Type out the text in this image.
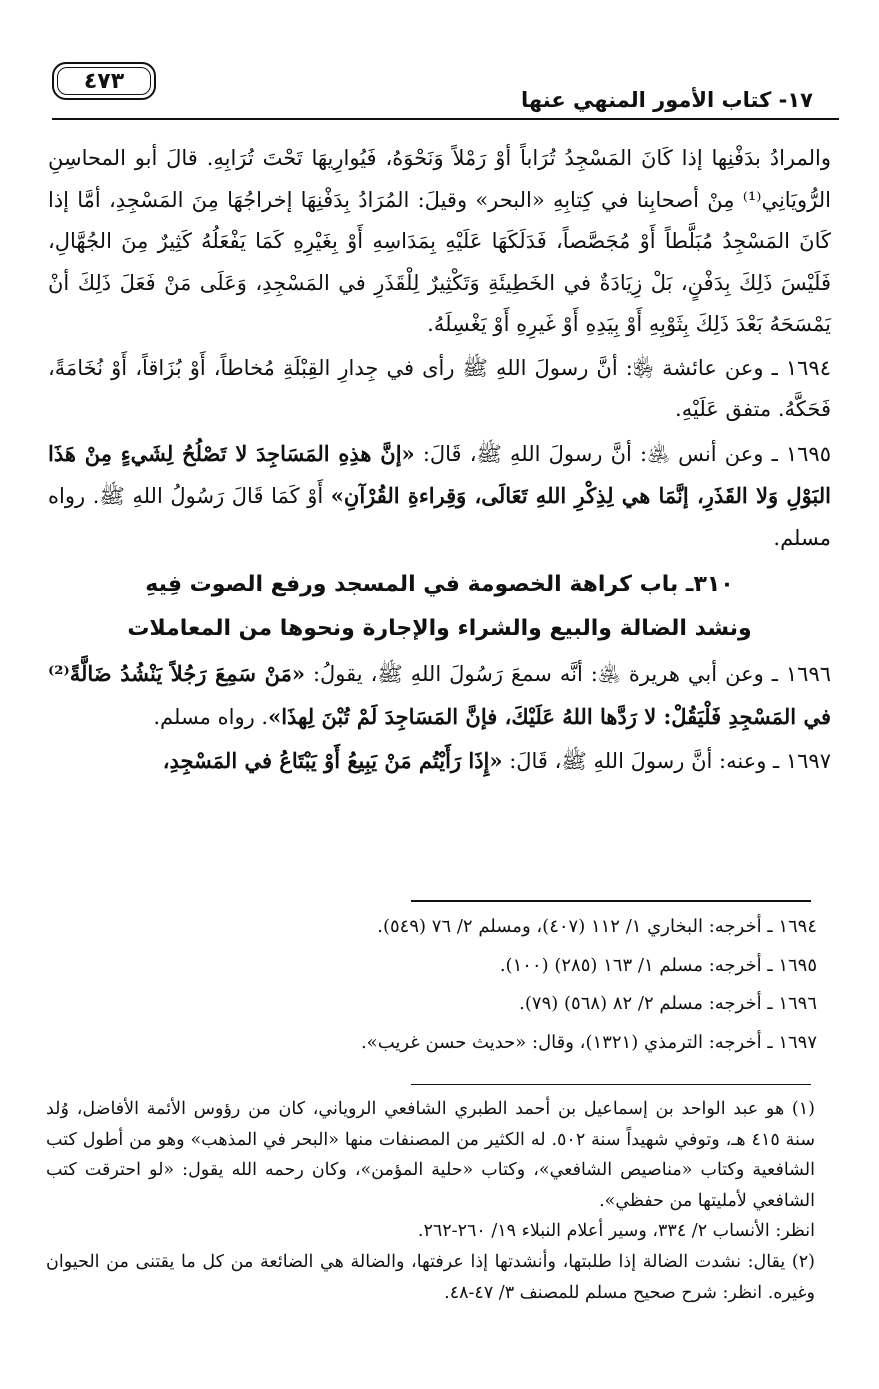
١٧- كتاب الأمور المنهي عنها
٤٧٣

والمرادُ بدَفْنِها إذا كَانَ المَسْجِدُ تُرَاباً أوْ رَمْلاً وَنَحْوَهُ، فَيُوارِيهَا تَحْتَ تُرَابِهِ. قالَ أبو المحاسِنِ الرُّويَانِي⁽¹⁾ مِنْ أصحابِنا في كِتابِهِ «البحر» وقيلَ: المُرَادُ بِدَفْنِهَا إخراجُهَا مِنَ المَسْجِدِ، أمَّا إذا كَانَ المَسْجِدُ مُبَلَّطاً أَوْ مُجَصَّصاً، فَدَلَكَهَا عَلَيْهِ بِمَدَاسِهِ أَوْ بِغَيْرِهِ كَمَا يَفْعَلُهُ كَثِيرٌ مِنَ الجُهَّالِ، فَلَيْسَ ذَلِكَ بِدَفْنٍ، بَلْ زِيَادَةٌ في الخَطِيئَةِ وَتَكْثِيرٌ لِلْقَذَرِ في المَسْجِدِ، وَعَلَى مَنْ فَعَلَ ذَلِكَ أنْ يَمْسَحَهُ بَعْدَ ذَلِكَ بِثَوْبِهِ أَوْ بِيَدِهِ أَوْ غَيرِهِ أَوْ يَغْسِلَهُ.

١٦٩٤ ـ وعن عائشة ﵂: أنَّ رسولَ اللهِ ﷺ رأى في جِدارِ القِبْلَةِ مُخاطاً، أَوْ بُزَاقاً، أَوْ نُخَامَةً، فَحَكَّهُ. متفق عَلَيْهِ.

١٦٩٥ ـ وعن أنس ﵁: أنَّ رسولَ اللهِ ﷺ، قَالَ: «إنَّ هذِهِ المَسَاجِدَ لا تَصْلُحُ لِشَيءٍ مِنْ هَذَا البَوْلِ وَلا القَذَرِ، إنَّمَا هي لِذِكْرِ اللهِ تَعَالَى، وَقِراءةِ القُرْآنِ» أَوْ كَمَا قَالَ رَسُولُ اللهِ ﷺ. رواه مسلم.

٣١٠ـ باب كراهة الخصومة في المسجد ورفع الصوت فِيهِ
ونشد الضالة والبيع والشراء والإجارة ونحوها من المعاملات

١٦٩٦ ـ وعن أبي هريرة ﵁: أنَّه سمعَ رَسُولَ اللهِ ﷺ، يقولُ: «مَنْ سَمِعَ رَجُلاً يَنْشُدُ ضَالَّةً⁽²⁾ في المَسْجِدِ فَلْيَقُلْ: لا رَدَّها اللهُ عَلَيْكَ، فإنَّ المَسَاجِدَ لَمْ تُبْنَ لِهذَا». رواه مسلم.

١٦٩٧ ـ وعنه: أنَّ رسولَ اللهِ ﷺ، قَالَ: «إِذَا رَأَيْتُم مَنْ يَبِيعُ أَوْ يَبْتَاعُ في المَسْجِدِ،

١٦٩٤ ـ أخرجه: البخاري ١/ ١١٢ (٤٠٧)، ومسلم ٢/ ٧٦ (٥٤٩).

١٦٩٥ ـ أخرجه: مسلم ١/ ١٦٣ (٢٨٥) (١٠٠).

١٦٩٦ ـ أخرجه: مسلم ٢/ ٨٢ (٥٦٨) (٧٩).

١٦٩٧ ـ أخرجه: الترمذي (١٣٢١)، وقال: «حديث حسن غريب».

(١) هو عبد الواحد بن إسماعيل بن أحمد الطبري الشافعي الروياني، كان من رؤوس الأئمة الأفاضل، وُلد سنة ٤١٥ هـ، وتوفي شهيداً سنة ٥٠٢. له الكثير من المصنفات منها «البحر في المذهب» وهو من أطول كتب الشافعية وكتاب «مناصيص الشافعي»، وكتاب «حلية المؤمن»، وكان رحمه الله يقول: «لو احترقت كتب الشافعي لأمليتها من حفظي».

انظر: الأنساب ٢/ ٣٣٤، وسير أعلام النبلاء ١٩/ ٢٦٠-٢٦٢.

(٢) يقال: نشدت الضالة إذا طلبتها، وأنشدتها إذا عرفتها، والضالة هي الضائعة من كل ما يقتنى من الحيوان وغيره. انظر: شرح صحيح مسلم للمصنف ٣/ ٤٧-٤٨.
